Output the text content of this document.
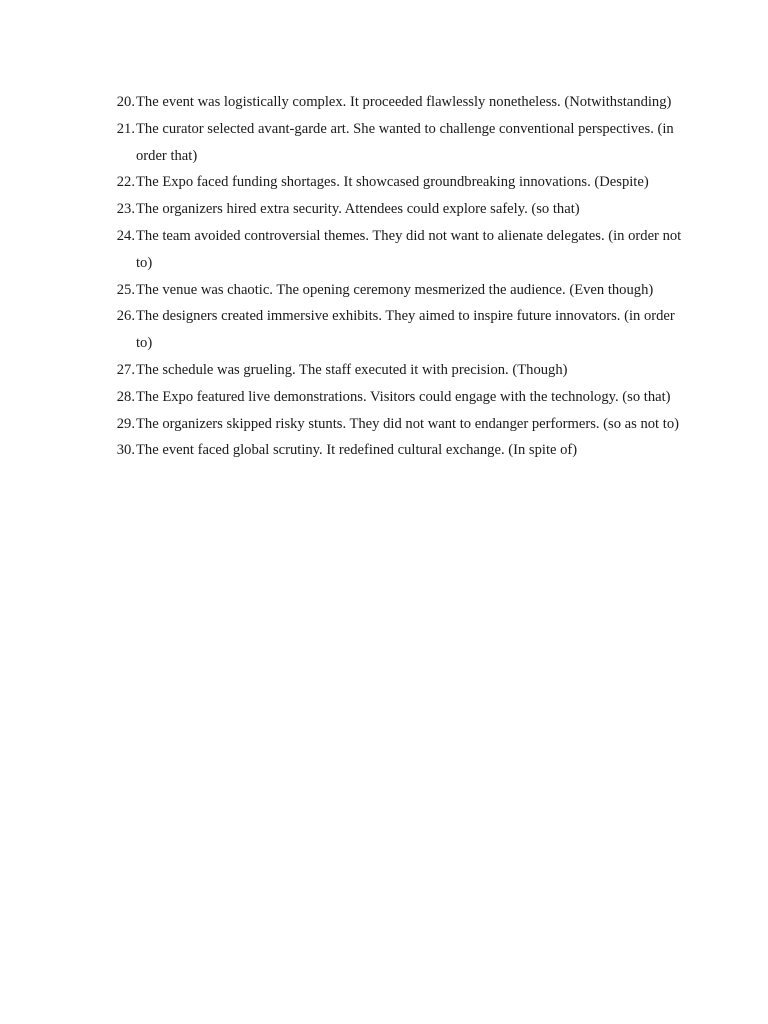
20. The event was logistically complex. It proceeded flawlessly nonetheless. (Notwithstanding)
21. The curator selected avant-garde art. She wanted to challenge conventional perspectives. (in order that)
22. The Expo faced funding shortages. It showcased groundbreaking innovations. (Despite)
23. The organizers hired extra security. Attendees could explore safely. (so that)
24. The team avoided controversial themes. They did not want to alienate delegates. (in order not to)
25. The venue was chaotic. The opening ceremony mesmerized the audience. (Even though)
26. The designers created immersive exhibits. They aimed to inspire future innovators. (in order to)
27. The schedule was grueling. The staff executed it with precision. (Though)
28. The Expo featured live demonstrations. Visitors could engage with the technology. (so that)
29. The organizers skipped risky stunts. They did not want to endanger performers. (so as not to)
30. The event faced global scrutiny. It redefined cultural exchange. (In spite of)
